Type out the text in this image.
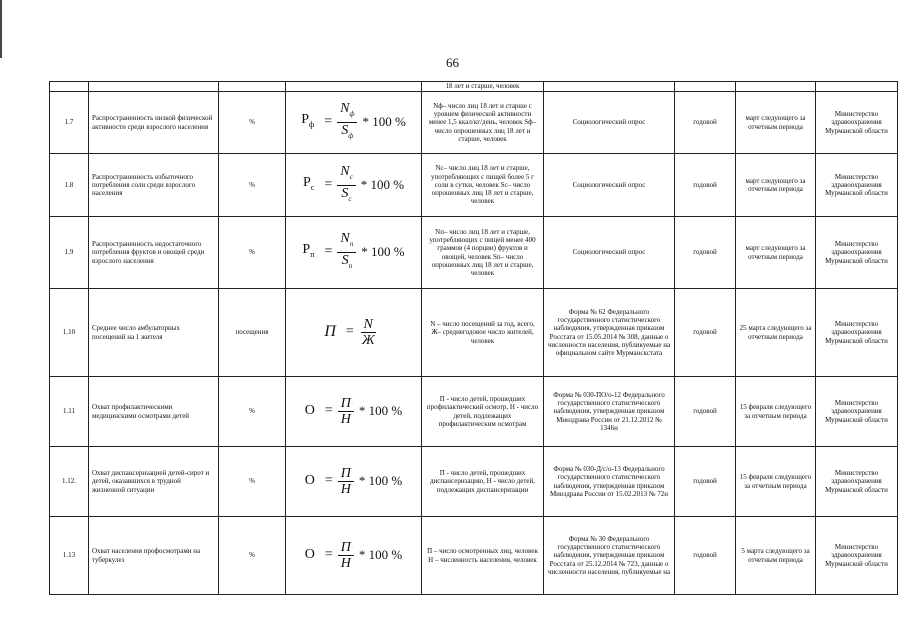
66
				18 лет и старше, человек				
1.7	Распространенность низкой физической активности среди взрослого населения	%	$Р_ф = \frac{N_ф}{S_ф} * 100$ %	Nф– число лиц 18 лет и старше с уровнем физической активности менее 1,5 ккал/кг/день, человек Sф– число опрошенных лиц 18 лет и старше, человек	Социологический опрос	годовой	март следующего за отчетным периода	Министерство здравоохранения Мурманской области
1.8	Распространенность избыточного потребления соли среди взрослого населения	%	$Р_с = \frac{N_с}{S_с} * 100$ %	Nс– число лиц 18 лет и старше, употребляющих с пищей более 5 г соли в сутки, человек Sс– число опрошенных лиц 18 лет и старше, человек	Социологический опрос	годовой	март следующего за отчетным периода	Министерство здравоохранения Мурманской области
1.9	Распространенность недостаточного потребления фруктов и овощей среди взрослого населения	%	$Р_п = \frac{N_п}{S_п} * 100$ %	Nп– число лиц 18 лет и старше, употребляющих с пищей менее 400 граммов (4 порции) фруктов и овощей, человек Sп– число опрошенных лиц 18 лет и старше, человек	Социологический опрос	годовой	март следующего за отчетным периода	Министерство здравоохранения Мурманской области
1.10	Среднее число амбулаторных посещений на 1 жителя	посещения	$П = \frac{N}{Ж}$	N – число посещений за год, всего, Ж– среднегодовое число жителей, человек	Форма № 62 Федерального государственного статистического наблюдения, утвержденная приказом Росстата от 15.05.2014 № 308, данные о численности населения, публикуемые на официальном сайте Мурманскстата	годовой	25 марта следующего за отчетным периода	Министерство здравоохранения Мурманской области
1.11	Охват профилактическими медицинскими осмотрами детей	%	$О = \frac{П}{Н} * 100$ %	П - число детей, прошедших профилактический осмотр, Н - число детей, подлежащих профилактическим осмотрам	Форма № 030-ПО/о-12 Федерального государственного статистического наблюдения, утвержденная приказом Минздрава России от 21.12.2012 № 1346н	годовой	15 февраля следующего за отчетным периода	Министерство здравоохранения Мурманской области
1.12.	Охват диспансеризацией детей-сирот и детей, оказавшихся в трудной жизненной ситуации	%	$О = \frac{П}{Н} * 100$ %	П - число детей, прошедших диспансеризацию, Н - число детей, подлежащих диспансеризации	Форма № 030-Д/с/о-13 Федерального государственного статистического наблюдения, утвержденная приказом Минздрава России от 15.02.2013 № 72н	годовой	15 февраля следующего за отчетным периода	Министерство здравоохранения Мурманской области
1.13	Охват населения профосмотрами на туберкулез	%	$О = \frac{П}{Н} * 100$ %	П – число осмотренных лиц, человек Н – численность населения, человек	Форма № 30 Федерального государственного статистического наблюдения, утвержденная приказом Росстата от 25.12.2014 № 723, данные о численности населения, публикуемые на	годовой	5 марта следующего за отчетным периода	Министерство здравоохранения Мурманской области
